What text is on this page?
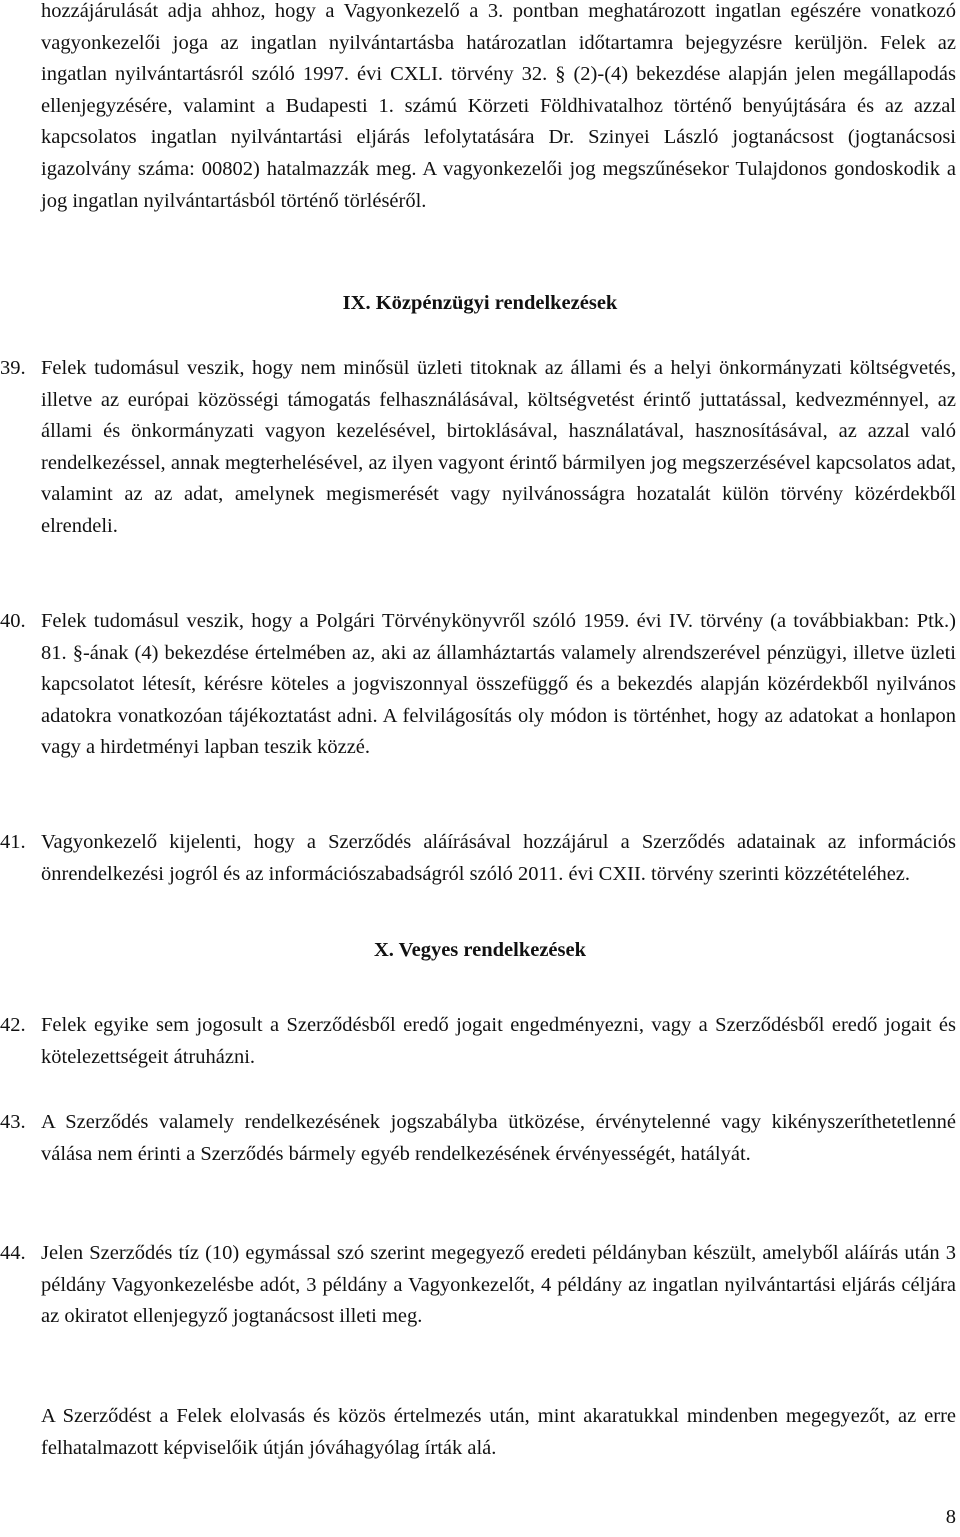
hozzájárulását adja ahhoz, hogy a Vagyonkezelő a 3. pontban meghatározott ingatlan egészére vonatkozó vagyonkezelői joga az ingatlan nyilvántartásba határozatlan időtartamra bejegyzésre kerüljön. Felek az ingatlan nyilvántartásról szóló 1997. évi CXLI. törvény 32. § (2)-(4) bekezdése alapján jelen megállapodás ellenjegyzésére, valamint a Budapesti 1. számú Körzeti Földhivatalhoz történő benyújtására és az azzal kapcsolatos ingatlan nyilvántartási eljárás lefolytatására Dr. Szinyei László jogtanácsost (jogtanácsosi igazolvány száma: 00802) hatalmazzák meg. A vagyonkezelői jog megszűnésekor Tulajdonos gondoskodik a jog ingatlan nyilvántartásból történő törléséről.
IX. Közpénzügyi rendelkezések
39. Felek tudomásul veszik, hogy nem minősül üzleti titoknak az állami és a helyi önkormányzati költségvetés, illetve az európai közösségi támogatás felhasználásával, költségvetést érintő juttatással, kedvezménnyel, az állami és önkormányzati vagyon kezelésével, birtoklásával, használatával, hasznosításával, az azzal való rendelkezéssel, annak megterhelésével, az ilyen vagyont érintő bármilyen jog megszerzésével kapcsolatos adat, valamint az az adat, amelynek megismerését vagy nyilvánosságra hozatalát külön törvény közérdekből elrendeli.
40. Felek tudomásul veszik, hogy a Polgári Törvénykönyvről szóló 1959. évi IV. törvény (a továbbiakban: Ptk.) 81. §-ának (4) bekezdése értelmében az, aki az államháztartás valamely alrendszerével pénzügyi, illetve üzleti kapcsolatot létesít, kérésre köteles a jogviszonnyal összefüggő és a bekezdés alapján közérdekből nyilvános adatokra vonatkozóan tájékoztatást adni. A felvilágosítás oly módon is történhet, hogy az adatokat a honlapon vagy a hirdetményi lapban teszik közzé.
41. Vagyonkezelő kijelenti, hogy a Szerződés aláírásával hozzájárul a Szerződés adatainak az információs önrendelkezési jogról és az információszabadságról szóló 2011. évi CXII. törvény szerinti közzétételéhez.
X. Vegyes rendelkezések
42. Felek egyike sem jogosult a Szerződésből eredő jogait engedményezni, vagy a Szerződésből eredő jogait és kötelezettségeit átruházni.
43. A Szerződés valamely rendelkezésének jogszabályba ütközése, érvénytelenné vagy kikényszeríthetetlenné válása nem érinti a Szerződés bármely egyéb rendelkezésének érvényességét, hatályát.
44. Jelen Szerződés tíz (10) egymással szó szerint megegyező eredeti példányban készült, amelyből aláírás után 3 példány Vagyonkezelésbe adót, 3 példány a Vagyonkezelőt, 4 példány az ingatlan nyilvántartási eljárás céljára az okiratot ellenjegyző jogtanácsost illeti meg.
A Szerződést a Felek elolvasás és közös értelmezés után, mint akaratukkal mindenben megegyezőt, az erre felhatalmazott képviselőik útján jóváhagyólag írták alá.
8
